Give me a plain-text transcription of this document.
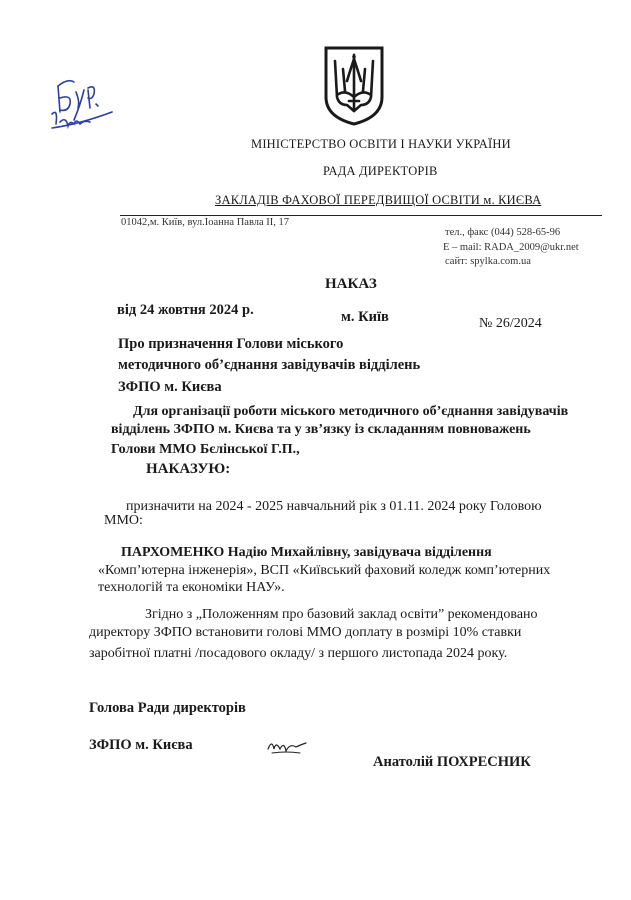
МІНІСТЕРСТВО ОСВІТИ І НАУКИ УКРАЇНИ
РАДА ДИРЕКТОРІВ
ЗАКЛАДІВ ФАХОВОЇ ПЕРЕДВИЩОЇ ОСВІТИ м. КИЄВА
01042,м. Київ, вул.Іоанна Павла ІІ, 17
тел., факс (044) 528-65-96
E – mail: RADA_2009@ukr.net
сайт: spylka.com.ua
НАКАЗ
від 24 жовтня 2024 р.	м. Київ	№ 26/2024
Про призначення Голови міського
методичного об’єднання завідувачів відділень
ЗФПО м. Києва
Для організації роботи міського методичного об’єднання завідувачів
відділень ЗФПО м. Києва та у зв’язку із складанням повноважень
Голови ММО Бєлінської Г.П.,
НАКАЗУЮ:
призначити на 2024 - 2025 навчальний рік з 01.11. 2024 року Головою
ММО:
ПАРХОМЕНКО Надію Михайлівну, завідувача відділення
«Комп’ютерна інженерія», ВСП «Київський фаховий коледж комп’ютерних
технологій та економіки НАУ».
Згідно з „Положенням про базовий заклад освіти” рекомендовано
директору ЗФПО встановити голові ММО доплату в розмірі 10% ставки
заробітної платні /посадового окладу/ з першого листопада 2024 року.
Голова Ради директорів
ЗФПО м. Києва
Анатолій ПОХРЕСНИК
